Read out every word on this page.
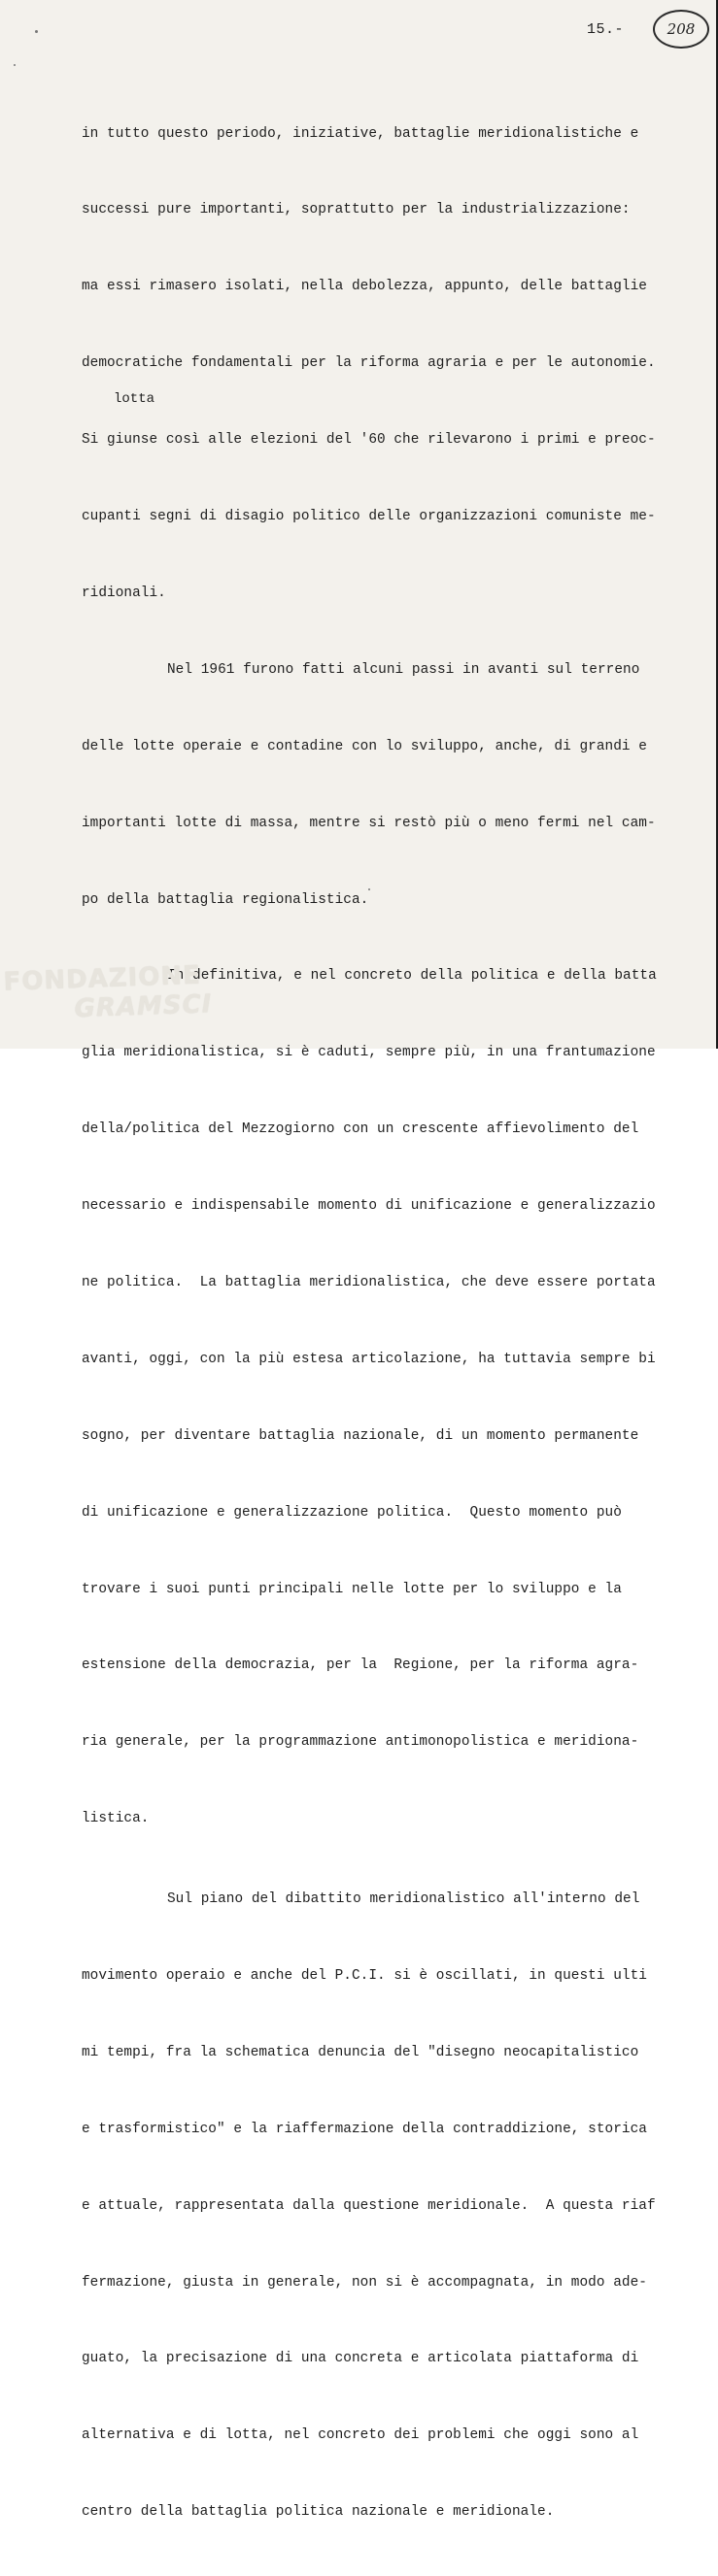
15.-	208
lotta

in tutto questo periodo, iniziative, battaglie meridionalistiche e

successi pure importanti, soprattutto per la industrializzazione:

ma essi rimasero isolati, nella debolezza, appunto, delle battaglie

democratiche fondamentali per la riforma agraria e per le autonomie.

Si giunse così alle elezioni del '60 che rilevarono i primi e preoc-

cupanti segni di disagio politico delle organizzazioni comuniste me-

ridionali.

Nel 1961 furono fatti alcuni passi in avanti sul terreno

delle lotte operaie e contadine con lo sviluppo, anche, di grandi e

importanti lotte di massa, mentre si restò più o meno fermi nel cam-

po della battaglia regionalistica.

In definitiva, e nel concreto della politica e della batta

glia meridionalistica, si è caduti, sempre più, in una frantumazione

della/politica del Mezzogiorno con un crescente affievolimento del

necessario e indispensabile momento di unificazione e generalizzazio

ne politica.  La battaglia meridionalistica, che deve essere portata

avanti, oggi, con la più estesa articolazione, ha tuttavia sempre bi

sogno, per diventare battaglia nazionale, di un momento permanente

di unificazione e generalizzazione politica.  Questo momento può

trovare i suoi punti principali nelle lotte per lo sviluppo e la

estensione della democrazia, per la  Regione, per la riforma agra-

ria generale, per la programmazione antimonopolistica e meridiona-

listica.

Sul piano del dibattito meridionalistico all'interno del

movimento operaio e anche del P.C.I. si è oscillati, in questi ulti

mi tempi, fra la schematica denuncia del "disegno neocapitalistico

e trasformistico" e la riaffermazione della contraddizione, storica

e attuale, rappresentata dalla questione meridionale.  A questa riaf

fermazione, giusta in generale, non si è accompagnata, in modo ade-

guato, la precisazione di una concreta e articolata piattaforma di

alternativa e di lotta, nel concreto dei problemi che oggi sono al

centro della battaglia politica nazionale e meridionale.

FONDAZIONE
GRAMSCI
